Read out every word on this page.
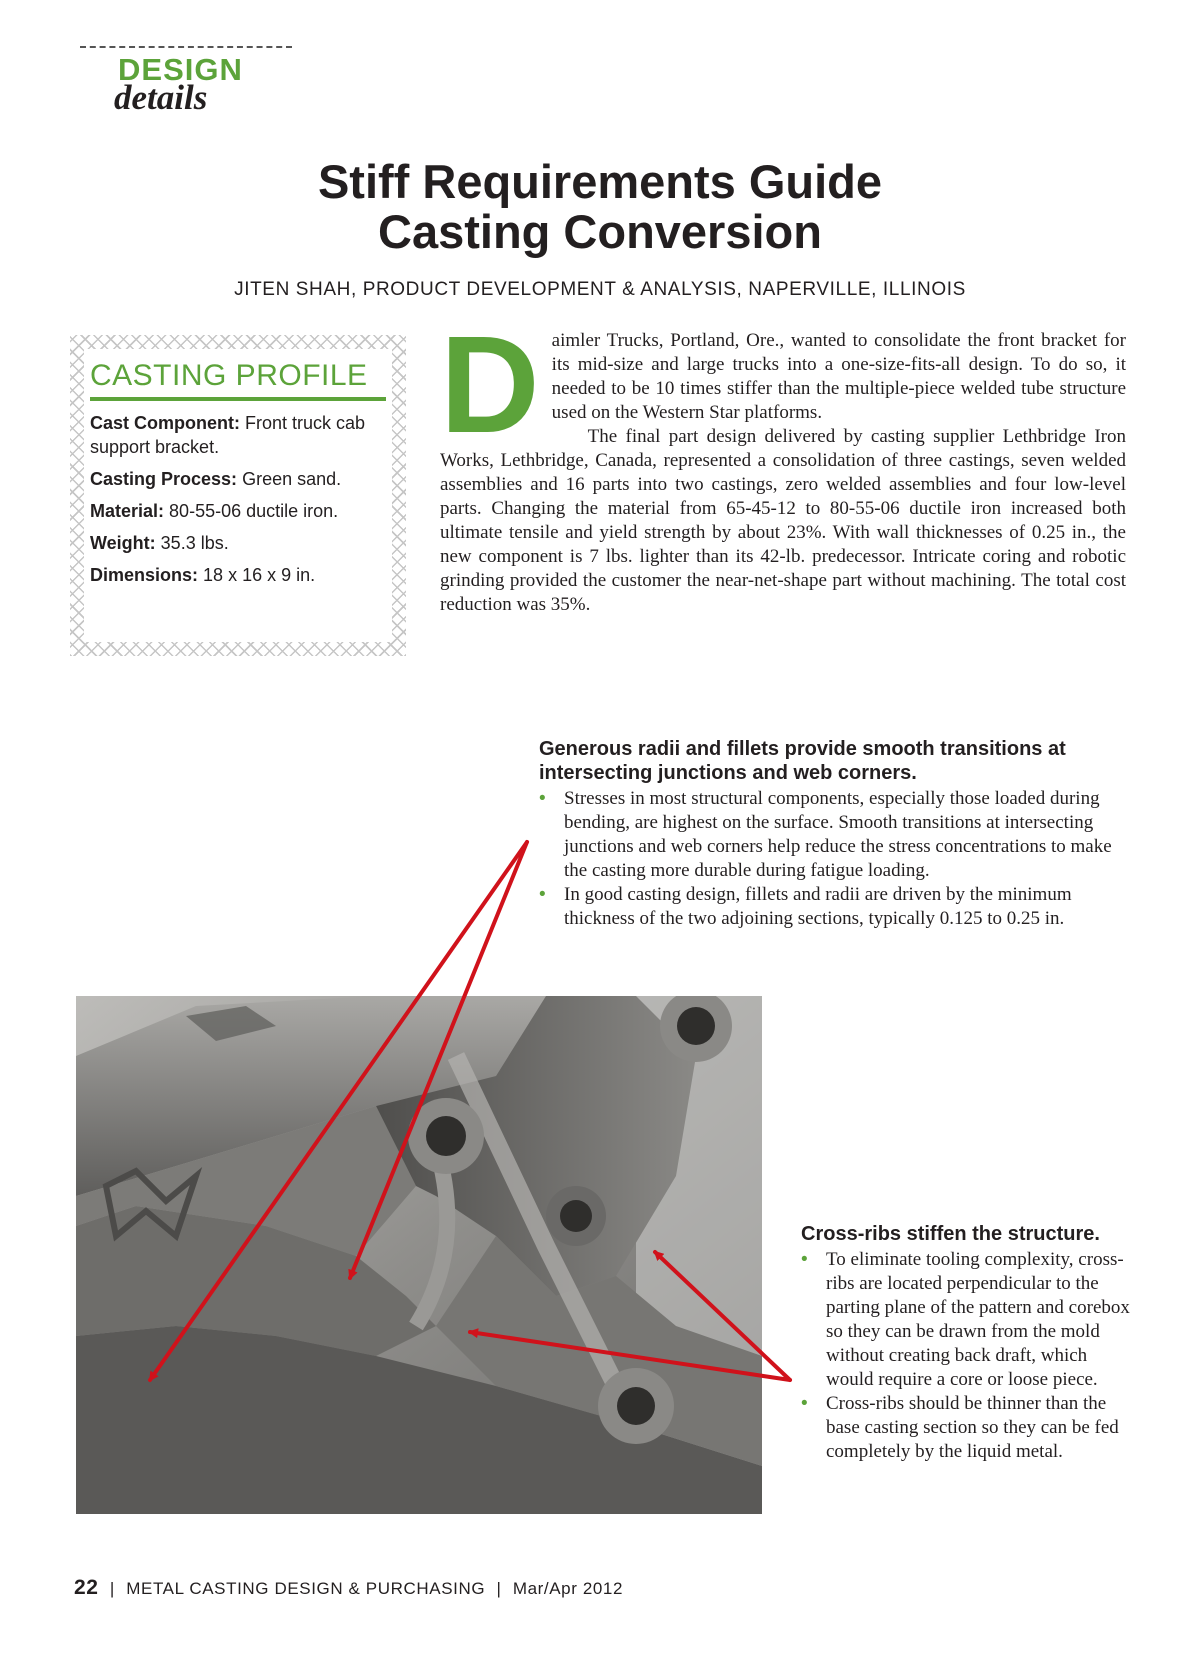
DESIGN
details
Stiff Requirements Guide
Casting Conversion
JITEN SHAH, PRODUCT DEVELOPMENT & ANALYSIS, NAPERVILLE, ILLINOIS
CASTING PROFILE
Cast Component: Front truck cab support bracket.
Casting Process: Green sand.
Material: 80-55-06 ductile iron.
Weight: 35.3 lbs.
Dimensions: 18 x 16 x 9 in.
D aimler Trucks, Portland, Ore., wanted to consolidate the front bracket for its mid-size and large trucks into a one-size-fits-all design. To do so, it needed to be 10 times stiffer than the multiple-piece welded tube structure used on the Western Star platforms.

The final part design delivered by casting supplier Lethbridge Iron Works, Lethbridge, Canada, represented a consolidation of three castings, seven welded assemblies and 16 parts into two castings, zero welded assemblies and four low-level parts. Changing the material from 65-45-12 to 80-55-06 ductile iron increased both ultimate tensile and yield strength by about 23%. With wall thicknesses of 0.25 in., the new component is 7 lbs. lighter than its 42-lb. predecessor. Intricate coring and robotic grinding provided the customer the near-net-shape part without machining. The total cost reduction was 35%.

Generous radii and fillets provide smooth transitions at intersecting junctions and web corners.
• Stresses in most structural components, especially those loaded during bending, are highest on the surface. Smooth transitions at intersecting junctions and web corners help reduce the stress concentrations to make the casting more durable during fatigue loading.
• In good casting design, fillets and radii are driven by the minimum thickness of the two adjoining sections, typically 0.125 to 0.25 in.
Cross-ribs stiffen the structure.
• To eliminate tooling complexity, cross-ribs are located perpendicular to the parting plane of the pattern and corebox so they can be drawn from the mold without creating back draft, which would require a core or loose piece.
• Cross-ribs should be thinner than the base casting section so they can be fed completely by the liquid metal.
22 | METAL CASTING DESIGN & PURCHASING | Mar/Apr 2012
